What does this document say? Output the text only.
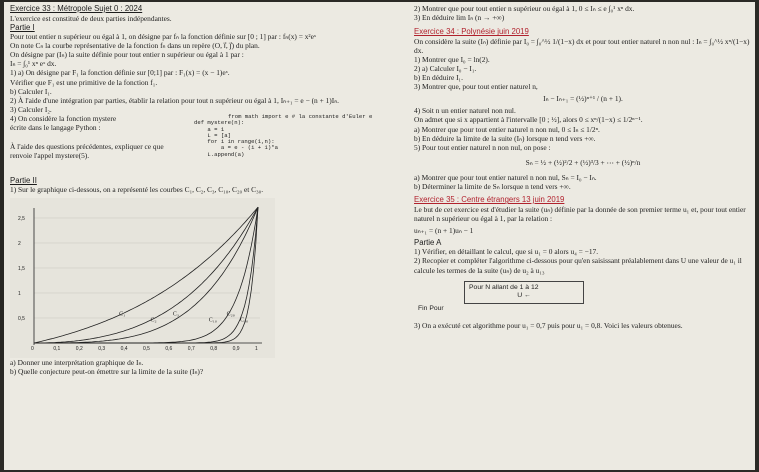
Exercice 33 : Métropole Sujet 0 : 2024

L'exercice est constitué de deux parties indépendantes.

Partie I

Pour tout entier n supérieur ou égal à 1, on désigne par fₙ la fonction définie sur [0 ; 1] par : fₙ(x) = x²eˣ

On note Cₙ la courbe représentative de la fonction fₙ dans un repère (O, i⃗, j⃗) du plan.

On désigne par (Iₙ) la suite définie pour tout entier n supérieur ou égal à 1 par :

Iₙ = ∫₀¹ xⁿ eˣ dx.

1) a) On désigne par F₁ la fonction définie sur [0;1] par : F₁(x) = (x − 1)eˣ.

Vérifier que F₁ est une primitive de la fonction f₁.

b) Calculer I₁.

2) À l'aide d'une intégration par parties, établir la relation pour tout n supérieur ou égal à 1, Iₙ₊₁ = e − (n + 1)Iₙ.

3) Calculer I₂.

4) On considère la fonction mystere

écrite dans le langage Python :

À l'aide des questions précédentes, expliquer ce que renvoie l'appel mystere(5).

from math import e # la constante d'Euler e
def mystere(n):
a = 1
L = [a]
for i in range(1,n):
a = e - (i + 1)*a
L.append(a)

Partie II

1) Sur le graphique ci-dessous, on a représenté les courbes C₁, C₂, C₃, C₁₀, C₂₀ et C₃₀.

0	0,1	0,2	0,3	0,4	0,5	0,6	0,7	0,8	0,9	1
2,5
2
1,5
1
0,5
C₁
C₂
C₃
C₁₀
C₂₀
C₃₀

a) Donner une interprétation graphique de Iₙ.

b) Quelle conjecture peut-on émettre sur la limite de la suite (Iₙ)?

2) Montrer que pour tout entier n supérieur ou égal à 1, 0 ≤ Iₙ ≤ e ∫₀¹ xⁿ dx.

3) En déduire lim Iₙ (n → +∞)

Exercice 34 : Polynésie juin 2019

On considère la suite (Iₙ) définie par I₀ = ∫₀^½ 1/(1−x) dx et pour tout entier naturel n non nul : Iₙ = ∫₀^½ xⁿ/(1−x) dx.

1) Montrer que I₀ = ln(2).

2) a) Calculer I₀ − I₁.

b) En déduire I₁.

3) Montrer que, pour tout entier naturel n,

Iₙ − Iₙ₊₁ = (½)ⁿ⁺¹ / (n + 1).

4) Soit n un entier naturel non nul.

On admet que si x appartient à l'intervalle [0 ; ½], alors 0 ≤ xⁿ/(1−x) ≤ 1/2ⁿ⁻¹.

a) Montrer que pour tout entier naturel n non nul, 0 ≤ Iₙ ≤ 1/2ⁿ.

b) En déduire la limite de la suite (Iₙ) lorsque n tend vers +∞.

5) Pour tout entier naturel n non nul, on pose :

Sₙ = ½ + (½)²/2 + (½)³/3 + ⋯ + (½)ⁿ/n

a) Montrer que pour tout entier naturel n non nul, Sₙ = I₀ − Iₙ.

b) Déterminer la limite de Sₙ lorsque n tend vers +∞.

Exercice 35 : Centre étrangers 13 juin 2019

Le but de cet exercice est d'étudier la suite (uₙ) définie par la donnée de son premier terme u₁ et, pour tout entier naturel n supérieur ou égal à 1, par la relation :

uₙ₊₁ = (n + 1)uₙ − 1

Partie A

1) Vérifier, en détaillant le calcul, que si u₁ = 0 alors u₄ = −17.

2) Recopier et compléter l'algorithme ci-dessous pour qu'en saisissant préalablement dans U une valeur de u₁ il calcule les termes de la suite (uₙ) de u₂ à u₁₃

Pour N allant de 1 à 12
U ←
Fin Pour

3) On a exécuté cet algorithme pour u₁ = 0,7 puis pour u₁ = 0,8. Voici les valeurs obtenues.
